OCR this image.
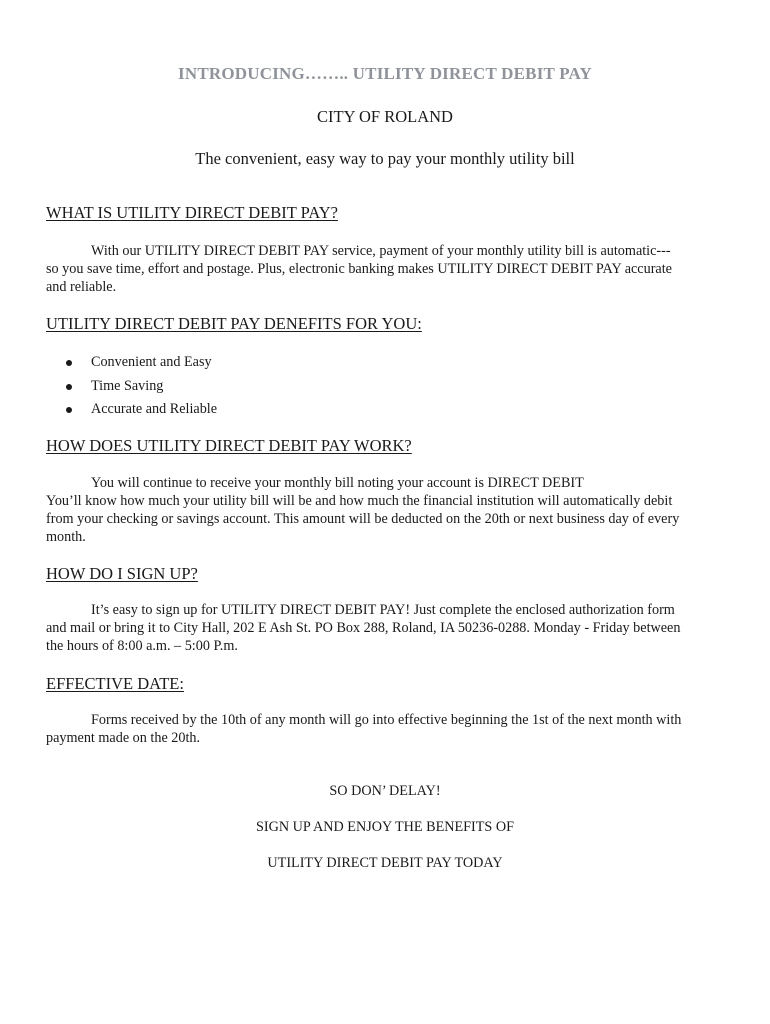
INTRODUCING…….. UTILITY DIRECT DEBIT PAY
CITY OF ROLAND
The convenient, easy way to pay your monthly utility bill
WHAT IS UTILITY DIRECT DEBIT PAY?
With our UTILITY DIRECT DEBIT PAY service, payment of your monthly utility bill is automatic---
so you save time, effort and postage. Plus, electronic banking makes UTILITY DIRECT DEBIT PAY accurate
and reliable.
UTILITY DIRECT DEBIT PAY DENEFITS FOR YOU:
Convenient and Easy
Time Saving
Accurate and Reliable
HOW DOES UTILITY DIRECT DEBIT PAY WORK?
You will continue to receive your monthly bill noting your account is DIRECT DEBIT
You’ll know how much your utility bill will be and how much the financial institution will automatically debit
from your checking or savings account. This amount will be deducted on the 20th or next business day of every
month.
HOW DO I SIGN UP?
It’s easy to sign up for UTILITY DIRECT DEBIT PAY! Just complete the enclosed authorization form
and mail or bring it to City Hall, 202 E Ash St. PO Box 288, Roland, IA 50236-0288. Monday - Friday between
the hours of 8:00 a.m. – 5:00 P.m.
EFFECTIVE DATE:
Forms received by the 10th of any month will go into effective beginning the 1st of the next month with
payment made on the 20th.
SO DON’ DELAY!
SIGN UP AND ENJOY THE BENEFITS OF
UTILITY DIRECT DEBIT PAY TODAY
